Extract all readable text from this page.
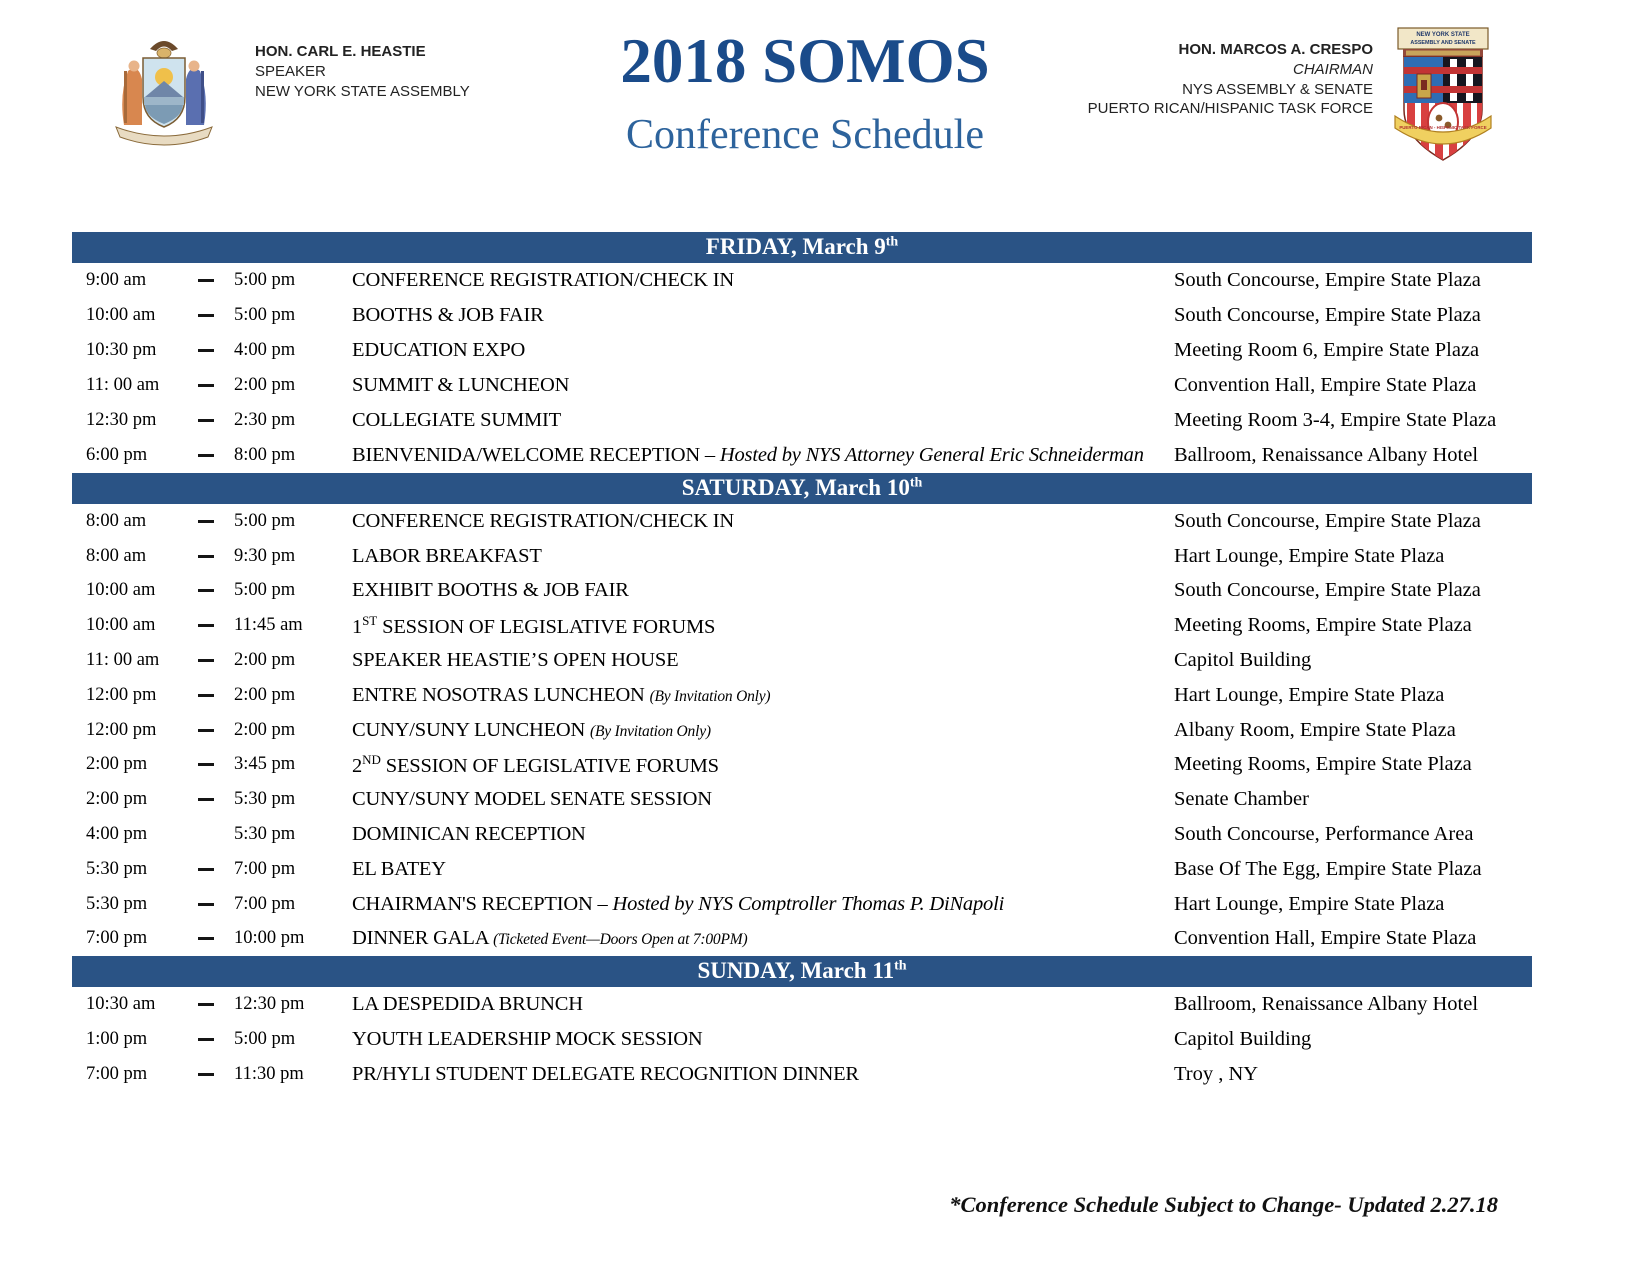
HON. CARL E. HEASTIE
SPEAKER
NEW YORK STATE ASSEMBLY	2018 SOMOS
Conference Schedule
HON. MARCOS A. CRESPO
CHAIRMAN
NYS ASSEMBLY & SENATE
PUERTO RICAN/HISPANIC TASK FORCE
NEW YORK STATE
ASSEMBLY AND SENATE
PUERTO RICAN - HISPANIC TASK FORCE
FRIDAY, March 9th
9:00 am	5:00 pm	CONFERENCE REGISTRATION/CHECK IN	South Concourse, Empire State Plaza
10:00 am	5:00 pm	BOOTHS & JOB FAIR	South Concourse, Empire State Plaza
10:30 pm	4:00 pm	EDUCATION EXPO	Meeting Room 6, Empire State Plaza
11: 00 am	2:00 pm	SUMMIT & LUNCHEON	Convention Hall, Empire State Plaza
12:30 pm	2:30 pm	COLLEGIATE SUMMIT	Meeting Room 3-4, Empire State Plaza
6:00 pm	8:00 pm	BIENVENIDA/WELCOME RECEPTION – Hosted by NYS Attorney General Eric Schneiderman	Ballroom, Renaissance Albany Hotel
SATURDAY, March 10th
8:00 am	5:00 pm	CONFERENCE REGISTRATION/CHECK IN	South Concourse, Empire State Plaza
8:00 am	9:30 pm	LABOR BREAKFAST	Hart Lounge, Empire State Plaza
10:00 am	5:00 pm	EXHIBIT BOOTHS & JOB FAIR	South Concourse, Empire State Plaza
10:00 am	11:45 am	1ST SESSION OF LEGISLATIVE FORUMS	Meeting Rooms, Empire State Plaza
11: 00 am	2:00 pm	SPEAKER HEASTIE’S OPEN HOUSE	Capitol Building
12:00 pm	2:00 pm	ENTRE NOSOTRAS LUNCHEON (By Invitation Only)	Hart Lounge, Empire State Plaza
12:00 pm	2:00 pm	CUNY/SUNY LUNCHEON (By Invitation Only)	Albany Room, Empire State Plaza
2:00 pm	3:45 pm	2ND SESSION OF LEGISLATIVE FORUMS	Meeting Rooms, Empire State Plaza
2:00 pm	5:30 pm	CUNY/SUNY MODEL SENATE SESSION	Senate Chamber
4:00 pm	5:30 pm	DOMINICAN RECEPTION	South Concourse, Performance Area
5:30 pm	7:00 pm	EL BATEY	Base Of The Egg, Empire State Plaza
5:30 pm	7:00 pm	CHAIRMAN'S RECEPTION – Hosted by NYS Comptroller Thomas P. DiNapoli	Hart Lounge, Empire State Plaza
7:00 pm	10:00 pm	DINNER GALA (Ticketed Event—Doors Open at 7:00PM)	Convention Hall, Empire State Plaza
SUNDAY, March 11th
10:30 am	12:30 pm	LA DESPEDIDA BRUNCH	Ballroom, Renaissance Albany Hotel
1:00 pm	5:00 pm	YOUTH LEADERSHIP MOCK SESSION	Capitol Building
7:00 pm	11:30 pm	PR/HYLI STUDENT DELEGATE RECOGNITION DINNER	Troy , NY
*Conference Schedule Subject to Change- Updated 2.27.18
